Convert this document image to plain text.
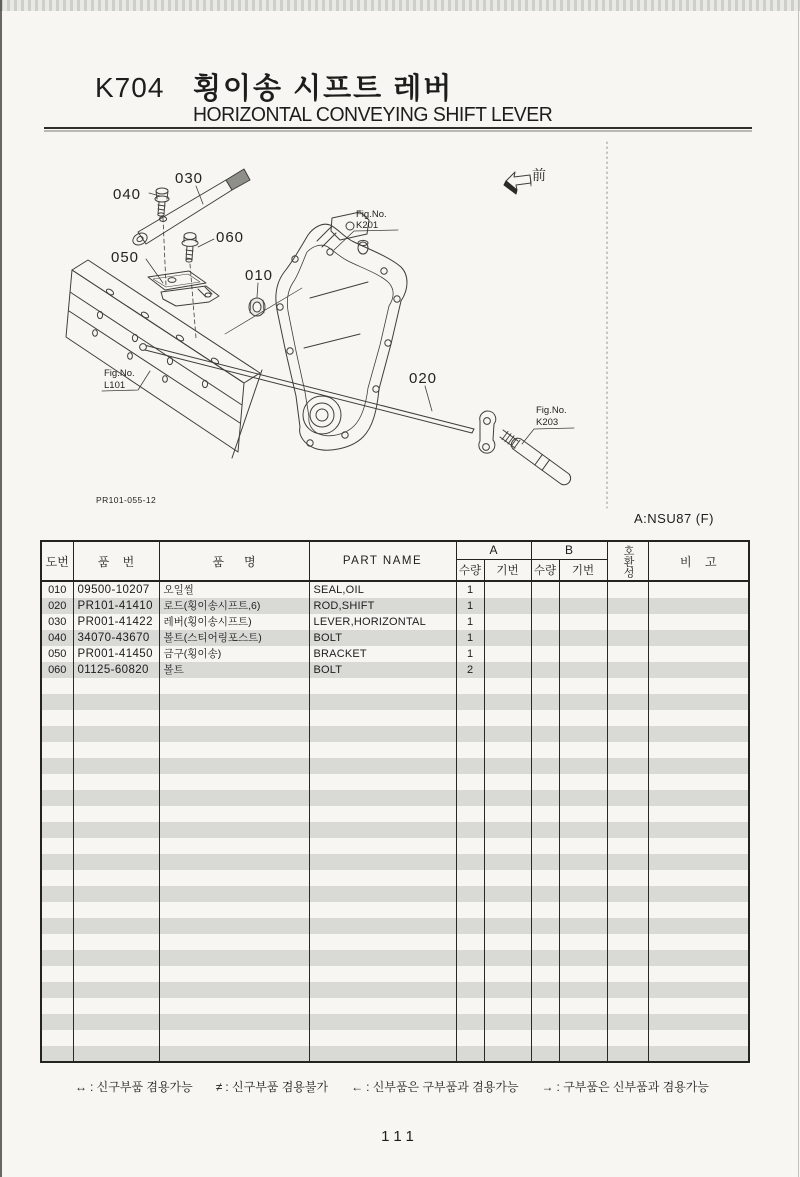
K704 횡이송 시프트 레버
HORIZONTAL CONVEYING SHIFT LEVER
前
030
040
060
050
010
020
Fig.No.
K201
Fig.No.
L101
Fig.No.
K203
PR101-055-12
A:NSU87 (F)
도번	품    번	품      명	PART NAME	A		B		호환성	비    고
				수량	기번	수량	기번		
010	09500-10207	오일씰	SEAL,OIL	1					
020	PR101-41410	로드(횡이송시프트,6)	ROD,SHIFT	1					
030	PR001-41422	레버(횡이송시프트)	LEVER,HORIZONTAL	1					
040	34070-43670	볼트(스티어링포스트)	BOLT	1					
050	PR001-41450	금구(횡이송)	BRACKET	1					
060	01125-60820	볼트	BOLT	2					

↔ : 신구부품 겸용가능 ≠ : 신구부품 겸용불가 ← : 신부품은 구부품과 겸용가능 → : 구부품은 신부품과 겸용가능
111
